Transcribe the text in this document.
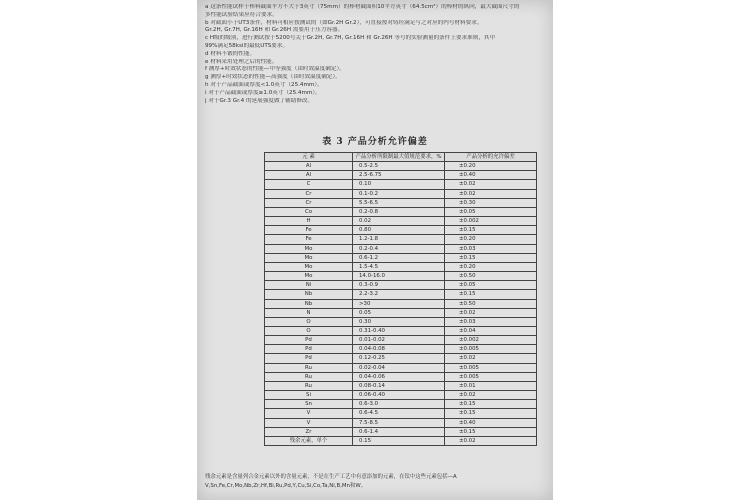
a 这条性能试样于棒料截面平方不大于3英寸（75mm）的棒材截面积10平方英寸（64.5cm²）的棒材的纵向，最大截面尺寸的
多性能试验结果应符合要求。
b 对截面小于UT3条件，材料可相应按测试的（如Gr.2H Gr.2），可直接按对铸坯满足与之对应的内号材料要求。
Gr.2H, Gr.7H, Gr.16H 和 Gr.26H 需要用于压力容器。
c H级的级別，进行测试按于5200号关于Gr.2H, Gr.7H, Gr.16H 和 Gr.26H 等号的实验测量的条件上要求准则，其中
99%满足58ksi的最低UTS要求。
d 材料不锻的性能。
e 材料采用处理之后的性能。
f 测厚+时效状态的性能—中等强度（由时效温度确定）。
g 测厚+时效状态的性能—高强度（由时效温度确定）。
h 对于产品截面或厚度<1.0英寸（25.4mm）。
i 对于产品截面或厚度≥1.0英寸（25.4mm）。
j 对于Gr.3 Gr.4 的延展强度做了辅助修改。
表 3 产品分析允许偏差
元 素	产品分析所限制最大值规范要求，%	产品分析的允许偏差
Al	0.5-2.5	±0.20
Al	2.5-6.75	±0.40
C	0.10	±0.02
Cr	0.1-0.2	±0.02
Cr	5.5-6.5	±0.30
Co	0.2-0.8	±0.05
H	0.02	±0.002
Fe	0.80	±0.15
Fe	1.2-1.8	±0.20
Mo	0.2-0.4	±0.03
Mo	0.6-1.2	±0.15
Mo	1.5-4.5	±0.20
Mo	14.0-16.0	±0.50
Ni	0.3-0.9	±0.05
Nb	2.2-3.2	±0.15
Nb	>30	±0.50
N	0.05	±0.02
O	0.30	±0.03
O	0.31-0.40	±0.04
Pd	0.01-0.02	±0.002
Pd	0.04-0.08	±0.005
Pd	0.12-0.25	±0.02
Ru	0.02-0.04	±0.005
Ru	0.04-0.06	±0.005
Ru	0.08-0.14	±0.01
Si	0.06-0.40	±0.02
Sn	0.6-3.0	±0.15
V	0.6-4.5	±0.15
V	7.5-8.5	±0.40
Zr	0.6-1.4	±0.15
残余元素，单个	0.15	±0.02
残余元素是含量列合金元素以外的含量元素，不是在生产工艺中有意添加的元素，在钛中这些元素包括—A
V,Sn,Fe,Cr,Mo,Nb,Zr,Hf,Bi,Ru,Pd,Y,Cu,Si,Co,Ta,Ni,B,Mn和W。
